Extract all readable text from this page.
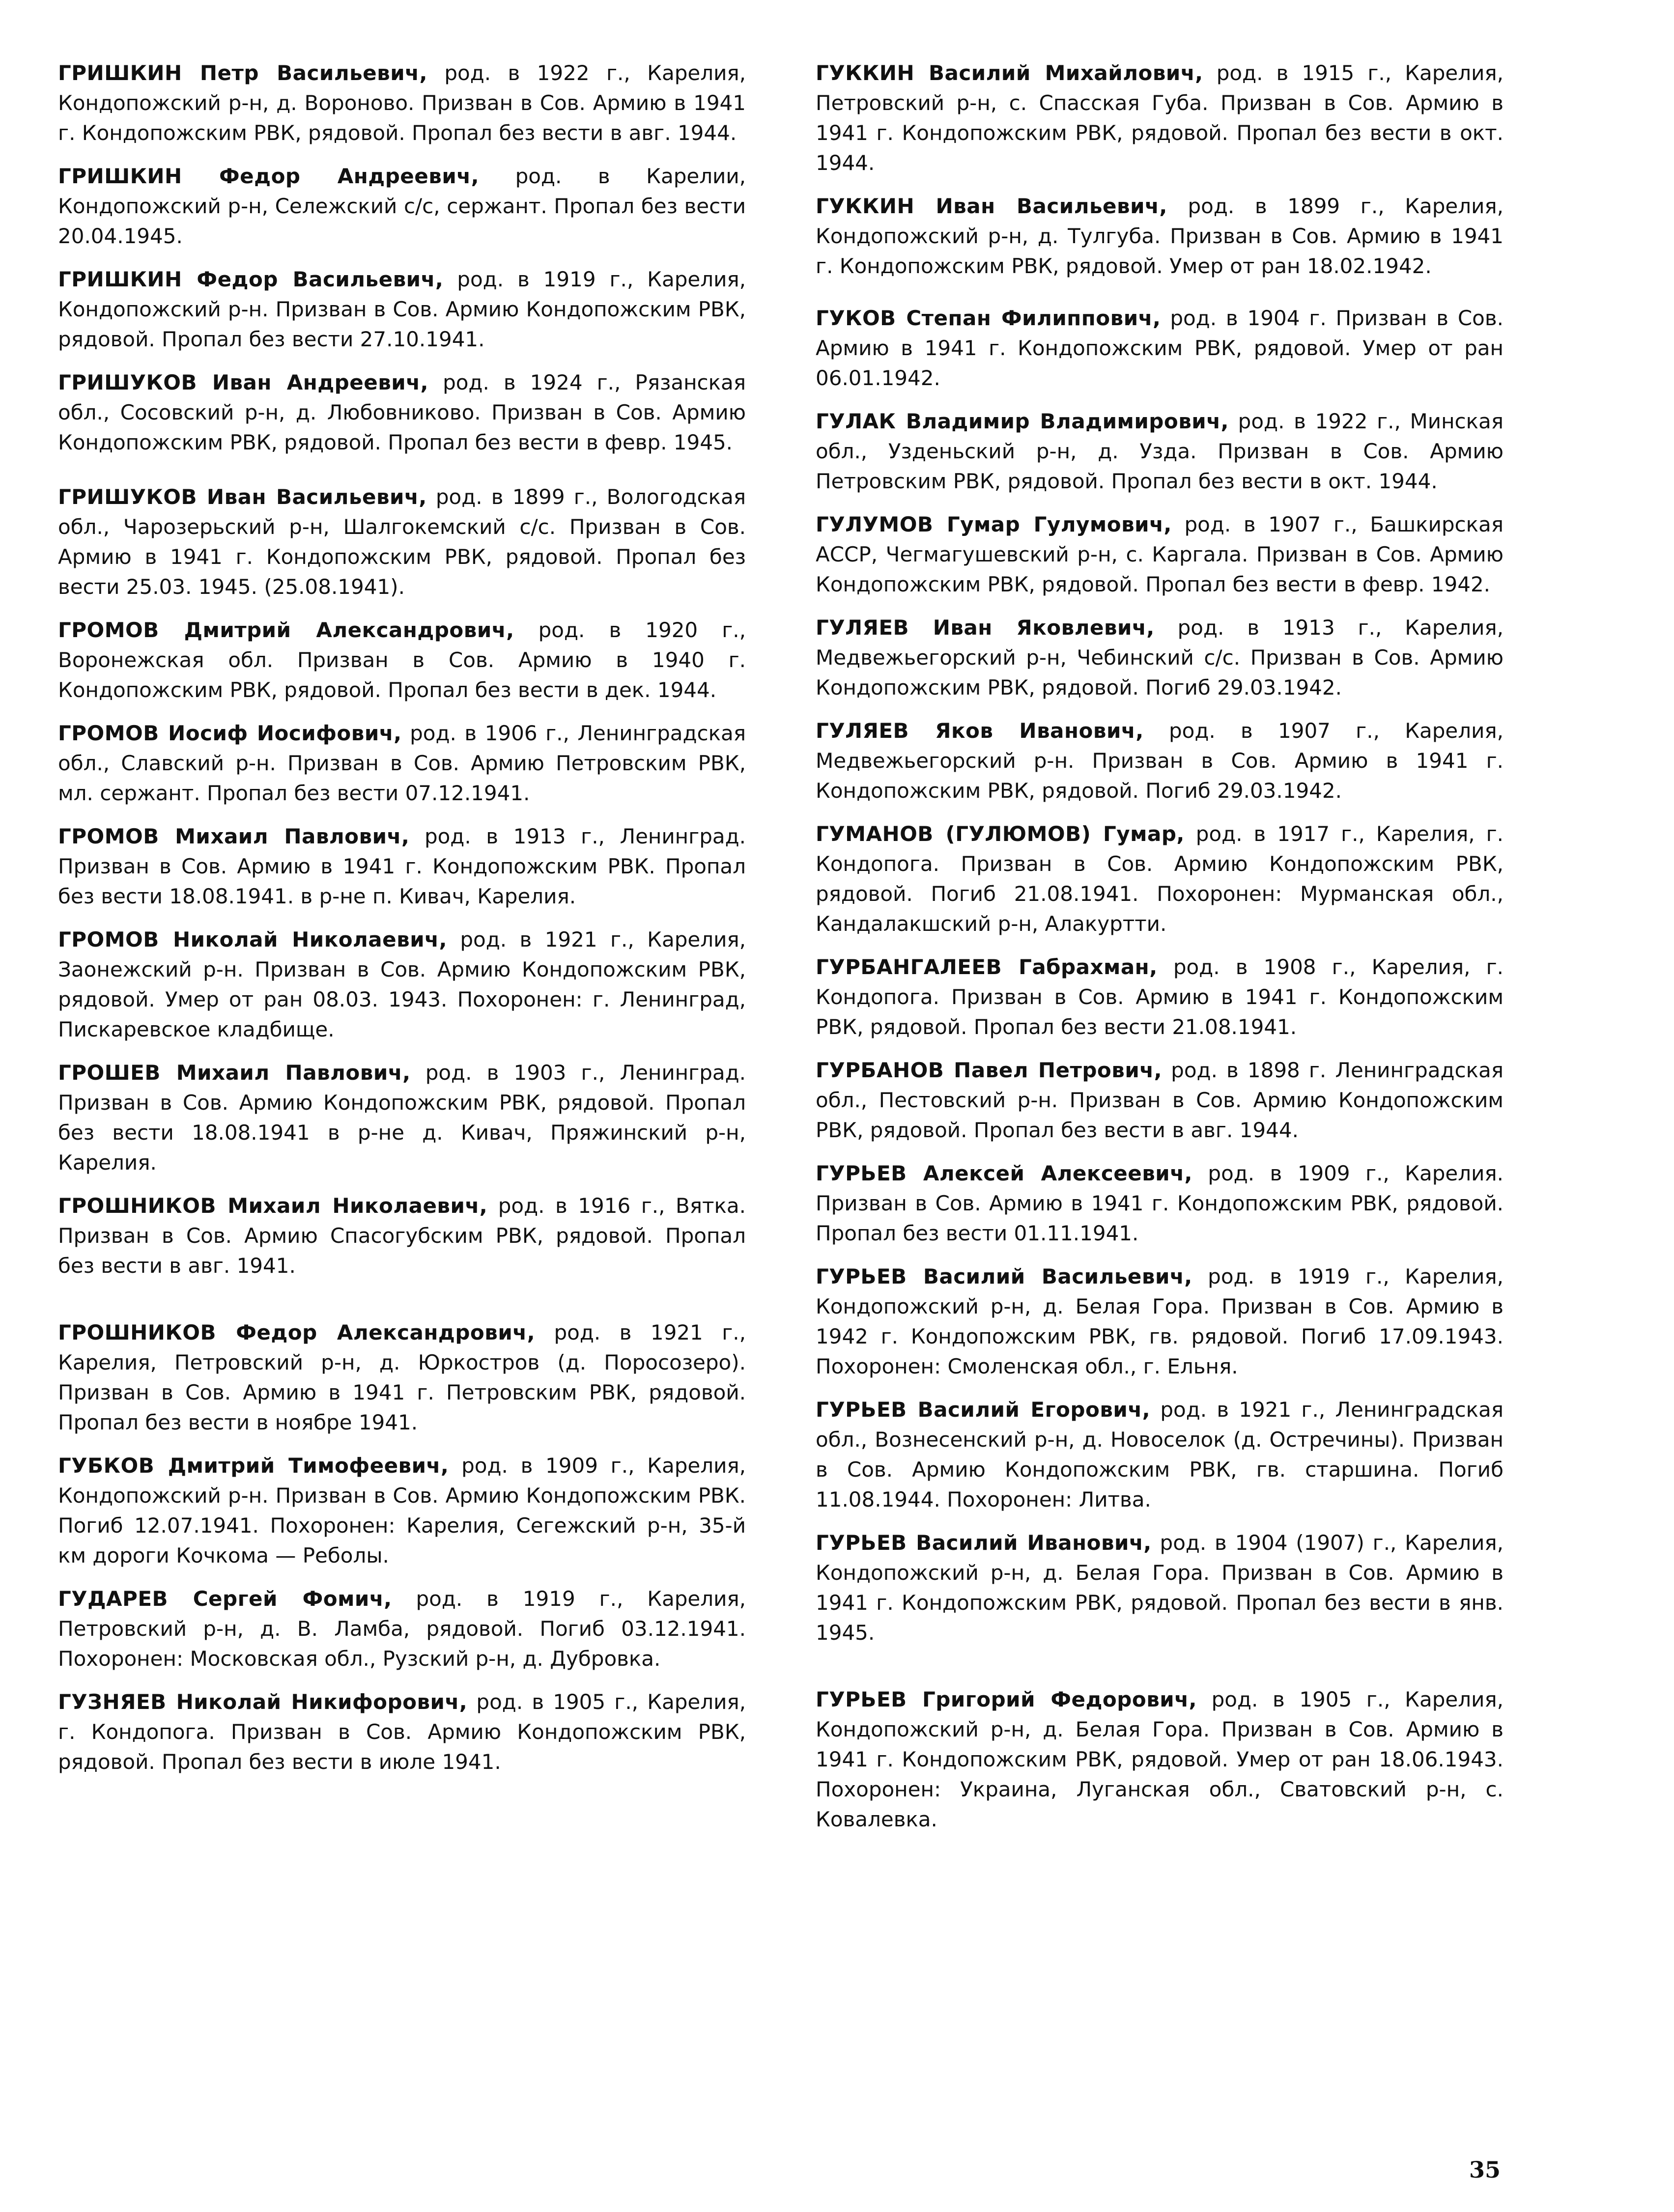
ГРИШКИН Петр Васильевич, род. в 1922 г., Карелия, Кондопожский р-н, д. Вороново. Призван в Сов. Армию в 1941 г. Кондопожским РВК, рядовой. Пропал без вести в авг. 1944.

ГРИШКИН Федор Андреевич, род. в Карелии, Кондопожский р-н, Сележский с/с, сержант. Пропал без вести 20.04.1945.

ГРИШКИН Федор Васильевич, род. в 1919 г., Карелия, Кондопожский р-н. Призван в Сов. Армию Кондопожским РВК, рядовой. Пропал без вести 27.10.1941.

ГРИШУКОВ Иван Андреевич, род. в 1924 г., Рязанская обл., Сосовский р-н, д. Любовниково. Призван в Сов. Армию Кондопожским РВК, рядовой. Пропал без вести в февр. 1945.

ГРИШУКОВ Иван Васильевич, род. в 1899 г., Вологодская обл., Чарозерьский р-н, Шалгокемский с/с. Призван в Сов. Армию в 1941 г. Кондопожским РВК, рядовой. Пропал без вести 25.03. 1945. (25.08.1941).

ГРОМОВ Дмитрий Александрович, род. в 1920 г., Воронежская обл. Призван в Сов. Армию в 1940 г. Кондопожским РВК, рядовой. Пропал без вести в дек. 1944.

ГРОМОВ Иосиф Иосифович, род. в 1906 г., Ленинградская обл., Славский р-н. Призван в Сов. Армию Петровским РВК, мл. сержант. Пропал без вести 07.12.1941.

ГРОМОВ Михаил Павлович, род. в 1913 г., Ленинград. Призван в Сов. Армию в 1941 г. Кондопожским РВК. Пропал без вести 18.08.1941. в р-не п. Кивач, Карелия.

ГРОМОВ Николай Николаевич, род. в 1921 г., Карелия, Заонежский р-н. Призван в Сов. Армию Кондопожским РВК, рядовой. Умер от ран 08.03. 1943. Похоронен: г. Ленинград, Пискаревское кладбище.

ГРОШЕВ Михаил Павлович, род. в 1903 г., Ленинград. Призван в Сов. Армию Кондопожским РВК, рядовой. Пропал без вести 18.08.1941 в р-не д. Кивач, Пряжинский р-н, Карелия.

ГРОШНИКОВ Михаил Николаевич, род. в 1916 г., Вятка. Призван в Сов. Армию Спасогубским РВК, рядовой. Пропал без вести в авг. 1941.

ГРОШНИКОВ Федор Александрович, род. в 1921 г., Карелия, Петровский р-н, д. Юркостров (д. Поросозеро). Призван в Сов. Армию в 1941 г. Петровским РВК, рядовой. Пропал без вести в ноябре 1941.

ГУБКОВ Дмитрий Тимофеевич, род. в 1909 г., Карелия, Кондопожский р-н. Призван в Сов. Армию Кондопожским РВК. Погиб 12.07.1941. Похоронен: Карелия, Сегежский р-н, 35-й км дороги Кочкома — Реболы.

ГУДАРЕВ Сергей Фомич, род. в 1919 г., Карелия, Петровский р-н, д. В. Ламба, рядовой. Погиб 03.12.1941. Похоронен: Московская обл., Рузский р-н, д. Дубровка.

ГУЗНЯЕВ Николай Никифорович, род. в 1905 г., Карелия, г. Кондопога. Призван в Сов. Армию Кондопожским РВК, рядовой. Пропал без вести в июле 1941.

ГУККИН Василий Михайлович, род. в 1915 г., Карелия, Петровский р-н, с. Спасская Губа. Призван в Сов. Армию в 1941 г. Кондопожским РВК, рядовой. Пропал без вести в окт. 1944.

ГУККИН Иван Васильевич, род. в 1899 г., Карелия, Кондопожский р-н, д. Тулгуба. Призван в Сов. Армию в 1941 г. Кондопожским РВК, рядовой. Умер от ран 18.02.1942.

ГУКОВ Степан Филиппович, род. в 1904 г. Призван в Сов. Армию в 1941 г. Кондопожским РВК, рядовой. Умер от ран 06.01.1942.

ГУЛАК Владимир Владимирович, род. в 1922 г., Минская обл., Узденьский р-н, д. Узда. Призван в Сов. Армию Петровским РВК, рядовой. Пропал без вести в окт. 1944.

ГУЛУМОВ Гумар Гулумович, род. в 1907 г., Башкирская АССР, Чегмагушевский р-н, с. Каргала. Призван в Сов. Армию Кондопожским РВК, рядовой. Пропал без вести в февр. 1942.

ГУЛЯЕВ Иван Яковлевич, род. в 1913 г., Карелия, Медвежьегорский р-н, Чебинский с/с. Призван в Сов. Армию Кондопожским РВК, рядовой. Погиб 29.03.1942.

ГУЛЯЕВ Яков Иванович, род. в 1907 г., Карелия, Медвежьегорский р-н. Призван в Сов. Армию в 1941 г. Кондопожским РВК, рядовой. Погиб 29.03.1942.

ГУМАНОВ (ГУЛЮМОВ) Гумар, род. в 1917 г., Карелия, г. Кондопога. Призван в Сов. Армию Кондопожским РВК, рядовой. Погиб 21.08.1941. Похоронен: Мурманская обл., Кандалакшский р-н, Алакуртти.

ГУРБАНГАЛЕЕВ Габрахман, род. в 1908 г., Карелия, г. Кондопога. Призван в Сов. Армию в 1941 г. Кондопожским РВК, рядовой. Пропал без вести 21.08.1941.

ГУРБАНОВ Павел Петрович, род. в 1898 г. Ленинградская обл., Пестовский р-н. Призван в Сов. Армию Кондопожским РВК, рядовой. Пропал без вести в авг. 1944.

ГУРЬЕВ Алексей Алексеевич, род. в 1909 г., Карелия. Призван в Сов. Армию в 1941 г. Кондопожским РВК, рядовой. Пропал без вести 01.11.1941.

ГУРЬЕВ Василий Васильевич, род. в 1919 г., Карелия, Кондопожский р-н, д. Белая Гора. Призван в Сов. Армию в 1942 г. Кондопожским РВК, гв. рядовой. Погиб 17.09.1943. Похоронен: Смоленская обл., г. Ельня.

ГУРЬЕВ Василий Егорович, род. в 1921 г., Ленинградская обл., Вознесенский р-н, д. Новоселок (д. Остречины). Призван в Сов. Армию Кондопожским РВК, гв. старшина. Погиб 11.08.1944. Похоронен: Литва.

ГУРЬЕВ Василий Иванович, род. в 1904 (1907) г., Карелия, Кондопожский р-н, д. Белая Гора. Призван в Сов. Армию в 1941 г. Кондопожским РВК, рядовой. Пропал без вести в янв. 1945.

ГУРЬЕВ Григорий Федорович, род. в 1905 г., Карелия, Кондопожский р-н, д. Белая Гора. Призван в Сов. Армию в 1941 г. Кондопожским РВК, рядовой. Умер от ран 18.06.1943. Похоронен: Украина, Луганская обл., Сватовский р-н, с. Ковалевка.

35
